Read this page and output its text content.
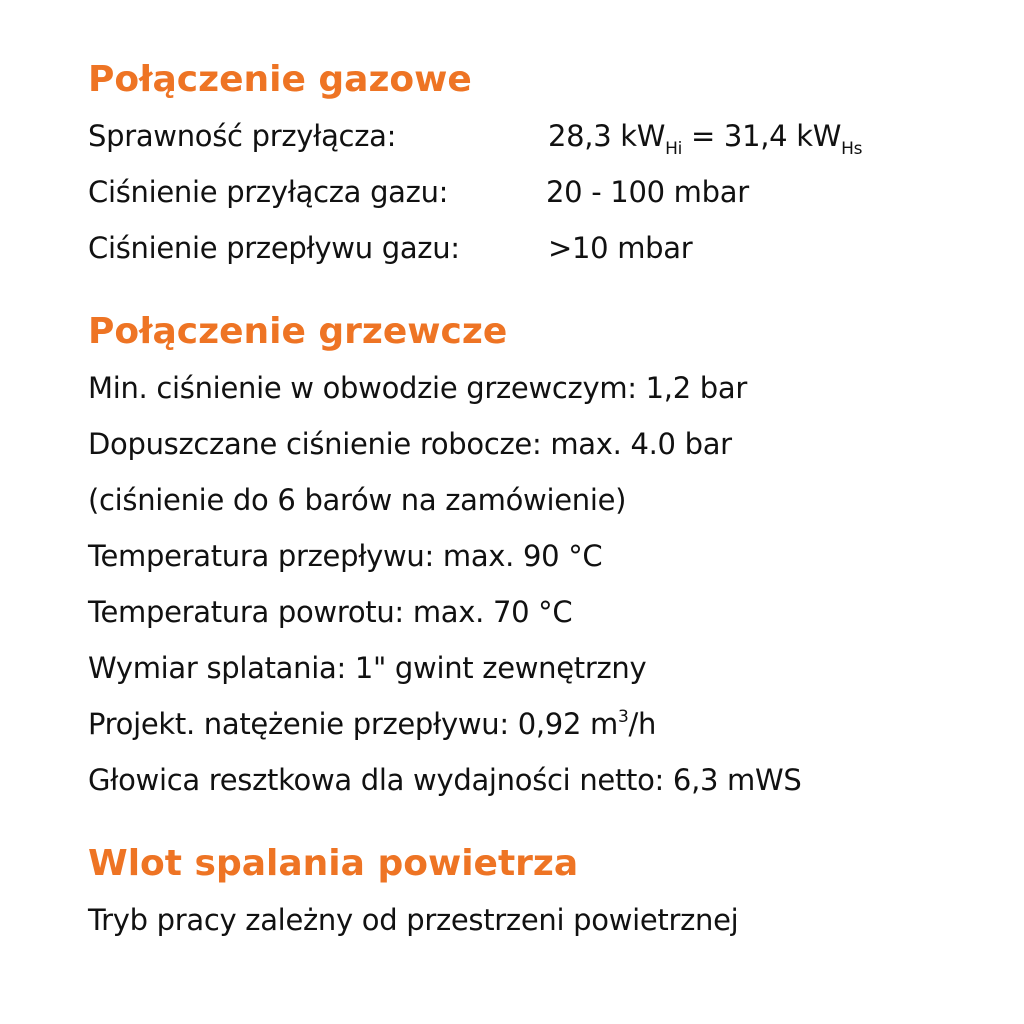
Połączenie gazowe
Sprawność przyłącza:	28,3 $kW_{Hi} = 31,4$ $kW_{Hs}$
Ciśnienie przyłącza gazu:	20 - 100 mbar
Ciśnienie przepływu gazu:	>10 mbar
Połączenie grzewcze
Min. ciśnienie w obwodzie grzewczym: 1,2 bar
Dopuszczane ciśnienie robocze: max. 4.0 bar
(ciśnienie do 6 barów na zamówienie)
Temperatura przepływu: max. 90 °C
Temperatura powrotu: max. 70 °C
Wymiar splatania: 1" gwint zewnętrzny
Projekt. natężenie przepływu: 0,92 $m^3/h$
Głowica resztkowa dla wydajności netto: 6,3 mWS
Wlot spalania powietrza
Tryb pracy zależny od przestrzeni powietrznej
